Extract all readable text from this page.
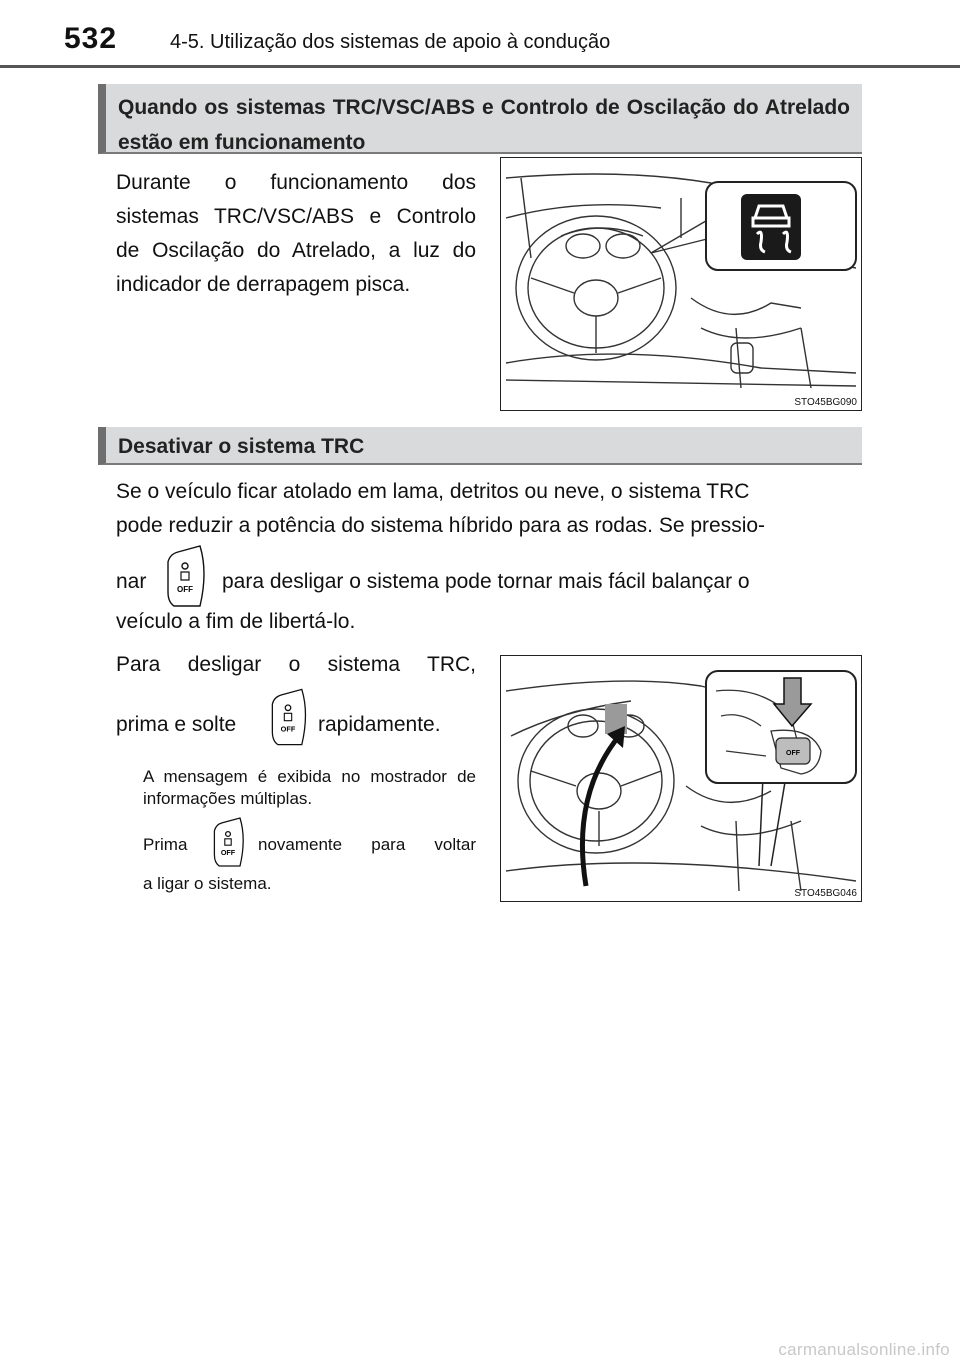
532	4-5. Utilização dos sistemas de apoio à condução
Quando os sistemas TRC/VSC/ABS e Controlo de Oscilação do Atrelado estão em funcionamento
Durante o funcionamento dos sistemas TRC/VSC/ABS e Controlo de Oscilação do Atrelado, a luz do indicador de derrapagem pisca.
STO45BG090
Desativar o sistema TRC
Se o veículo ficar atolado em lama, detritos ou neve, o sistema TRC
pode reduzir a potência do sistema híbrido para as rodas. Se pressio-
nar	OFF para desligar o sistema pode tornar mais fácil balançar o
veículo a fim de libertá-lo.
Para desligar o sistema TRC,
prima e solte	OFF rapidamente.
A mensagem é exibida no mostrador de informações múltiplas.
Prima	OFF novamente para voltar
a ligar o sistema.
OFF
STO45BG046
carmanualsonline.info
